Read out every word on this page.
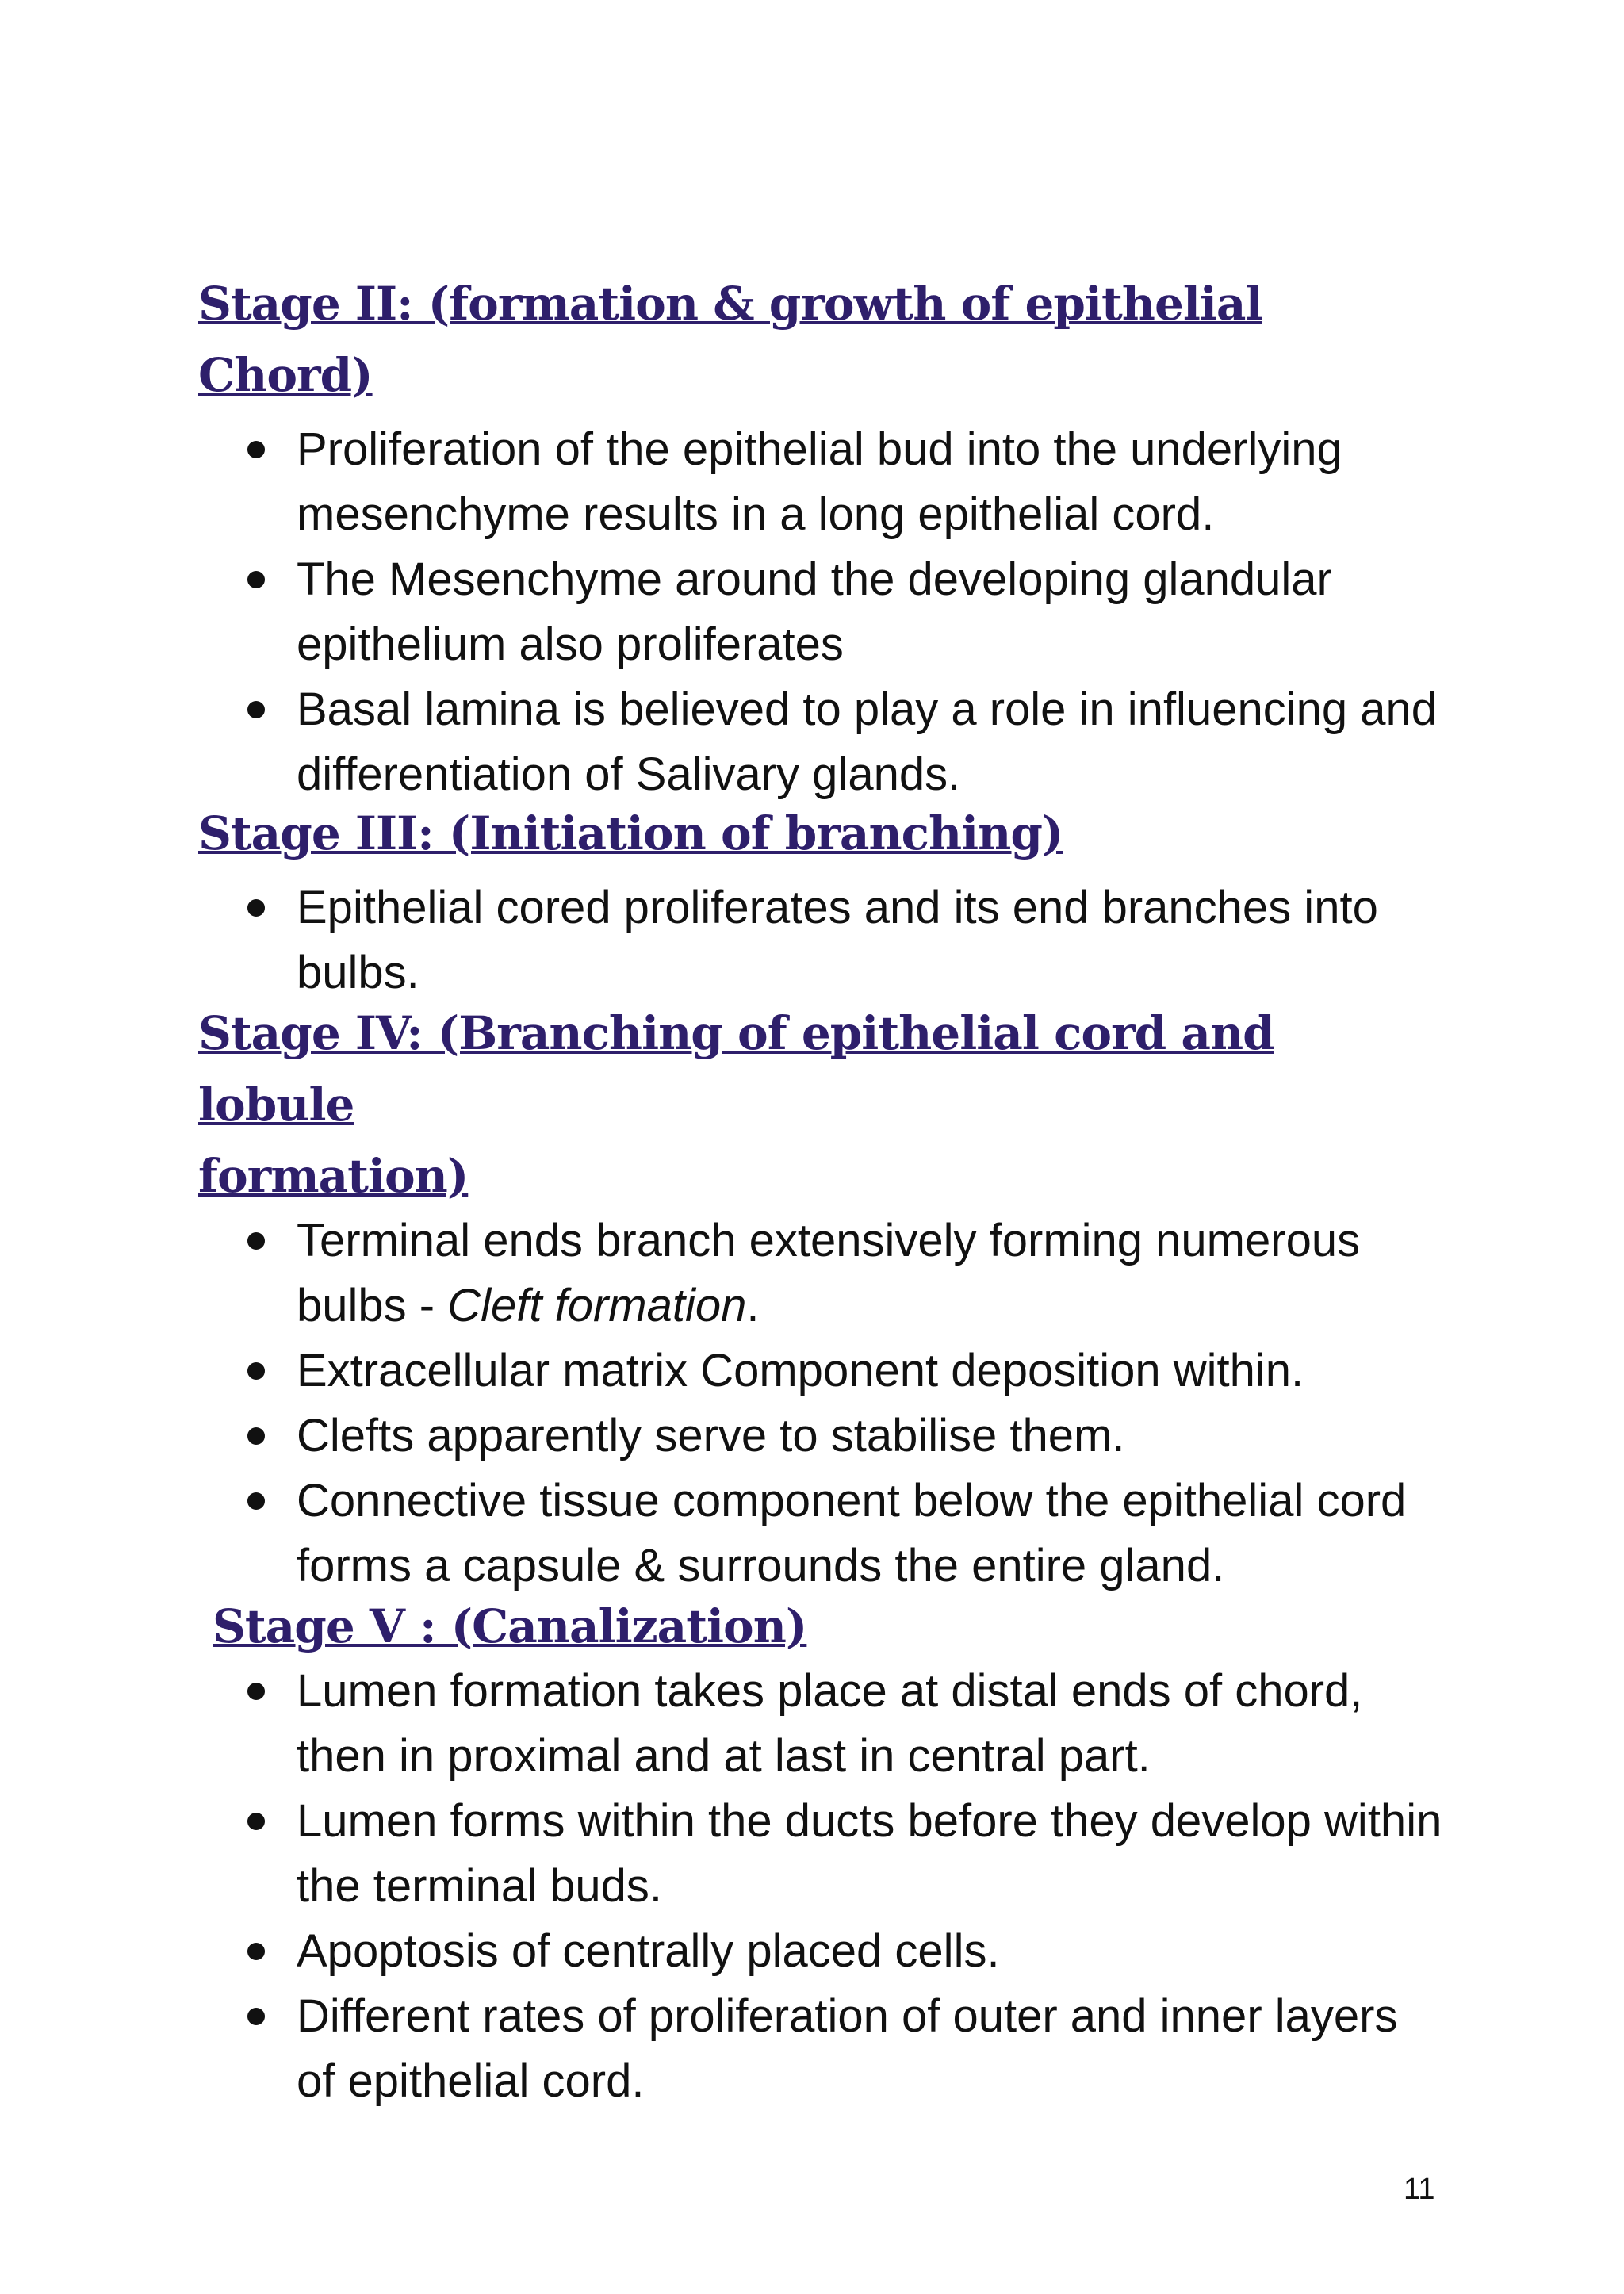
Stage II: (formation & growth of epithelial Chord)
Proliferation of the epithelial bud into the underlying mesenchyme results in a long epithelial cord.
The Mesenchyme around the developing glandular epithelium also proliferates
Basal lamina is believed to play a role in influencing and differentiation of Salivary glands.
Stage III: (Initiation of branching)
Epithelial cored proliferates and its end branches into bulbs.
Stage IV: (Branching of epithelial cord and lobule
formation)
Terminal ends branch extensively forming numerous bulbs - Cleft formation.
Extracellular matrix Component deposition within.
Clefts apparently serve to stabilise them.
Connective tissue component below the epithelial cord forms a capsule & surrounds the entire gland.
Stage V : (Canalization)
Lumen formation takes place at distal ends of chord, then in proximal and at last in central part.
Lumen forms within the ducts before they develop within the terminal buds.
Apoptosis of centrally placed cells.
Different rates of proliferation of outer and inner layers of epithelial cord.
11
